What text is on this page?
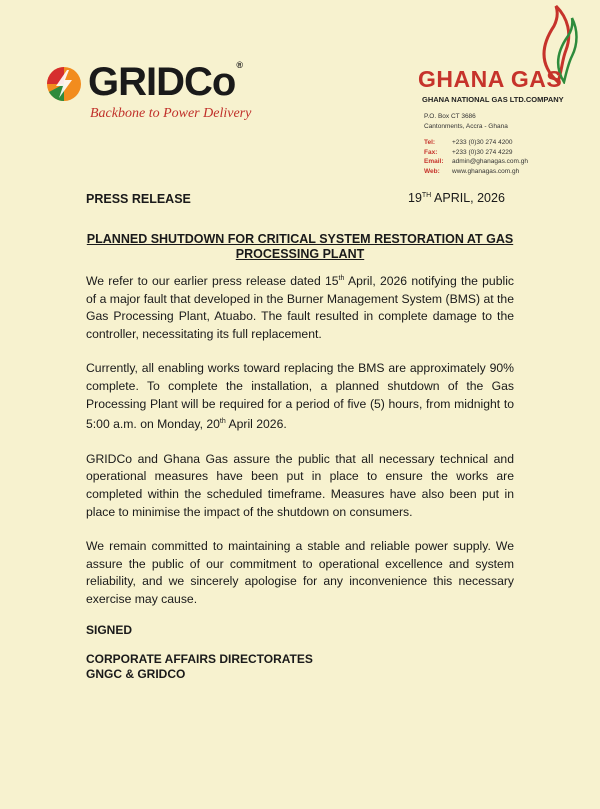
GRIDCo®
Backbone to Power Delivery
GHANA GAS
GHANA NATIONAL GAS LTD.COMPANY
P.O. Box CT 3686
Cantonments, Accra - Ghana
Tel:	+233 (0)30 274 4200
Fax:	+233 (0)30 274 4229
Email:	admin@ghanagas.com.gh
Web:	www.ghanagas.com.gh
PRESS RELEASE	19TH APRIL, 2026
PLANNED SHUTDOWN FOR CRITICAL SYSTEM RESTORATION AT GAS PROCESSING PLANT

We refer to our earlier press release dated 15th April, 2026 notifying the public of a major fault that developed in the Burner Management System (BMS) at the Gas Processing Plant, Atuabo. The fault resulted in complete damage to the controller, necessitating its full replacement.

Currently, all enabling works toward replacing the BMS are approximately 90% complete. To complete the installation, a planned shutdown of the Gas Processing Plant will be required for a period of five (5) hours, from midnight to 5:00 a.m. on Monday, 20th April 2026.

GRIDCo and Ghana Gas assure the public that all necessary technical and operational measures have been put in place to ensure the works are completed within the scheduled timeframe. Measures have also been put in place to minimise the impact of the shutdown on consumers.

We remain committed to maintaining a stable and reliable power supply. We assure the public of our commitment to operational excellence and system reliability, and we sincerely apologise for any inconvenience this necessary exercise may cause.

SIGNED
CORPORATE AFFAIRS DIRECTORATES
GNGC & GRIDCO
